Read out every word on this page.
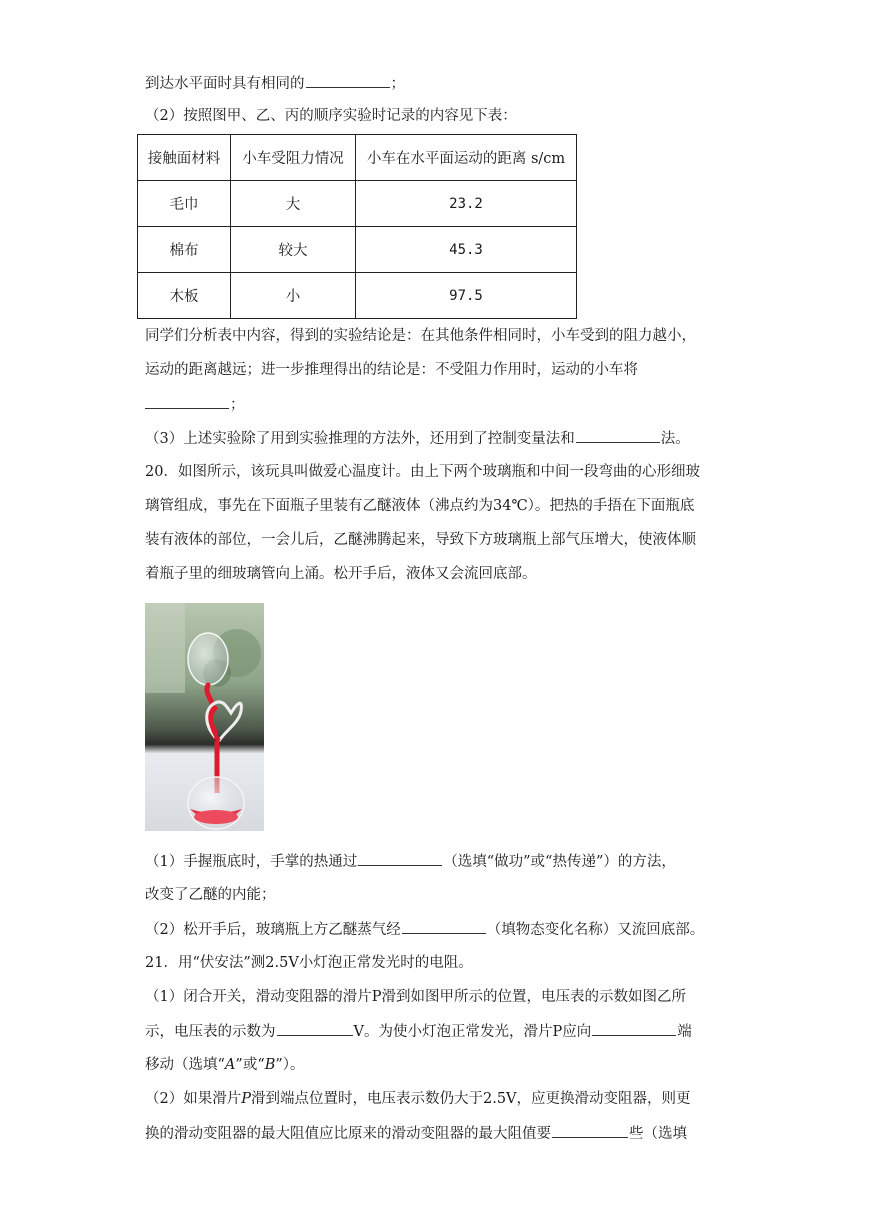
到达水平面时具有相同的	；
（2）按照图甲、乙、丙的顺序实验时记录的内容见下表：
接触面材料	小车受阻力情况	小车在水平面运动的距离 s/cm
毛巾	大	23.2
棉布	较大	45.3
木板	小	97.5
同学们分析表中内容，得到的实验结论是：在其他条件相同时，小车受到的阻力越小，
运动的距离越远；进一步推理得出的结论是：不受阻力作用时，运动的小车将
；
（3）上述实验除了用到实验推理的方法外，还用到了控制变量法和	法。
20．如图所示，该玩具叫做爱心温度计。由上下两个玻璃瓶和中间一段弯曲的心形细玻
璃管组成，事先在下面瓶子里装有乙醚液体（沸点约为34℃）。把热的手捂在下面瓶底
装有液体的部位，一会儿后，乙醚沸腾起来，导致下方玻璃瓶上部气压增大，使液体顺
着瓶子里的细玻璃管向上涌。松开手后，液体又会流回底部。
（1）手握瓶底时，手掌的热通过	（选填“做功”或“热传递”）的方法，
改变了乙醚的内能；
（2）松开手后，玻璃瓶上方乙醚蒸气经	（填物态变化名称）又流回底部。
21．用“伏安法”测2.5V小灯泡正常发光时的电阻。
（1）闭合开关，滑动变阻器的滑片P滑到如图甲所示的位置，电压表的示数如图乙所
示，电压表的示数为	V。为使小灯泡正常发光，滑片P应向	端
移动（选填“A”或“B”）。
（2）如果滑片P滑到端点位置时，电压表示数仍大于2.5V，应更换滑动变阻器，则更
换的滑动变阻器的最大阻值应比原来的滑动变阻器的最大阻值要	些（选填
